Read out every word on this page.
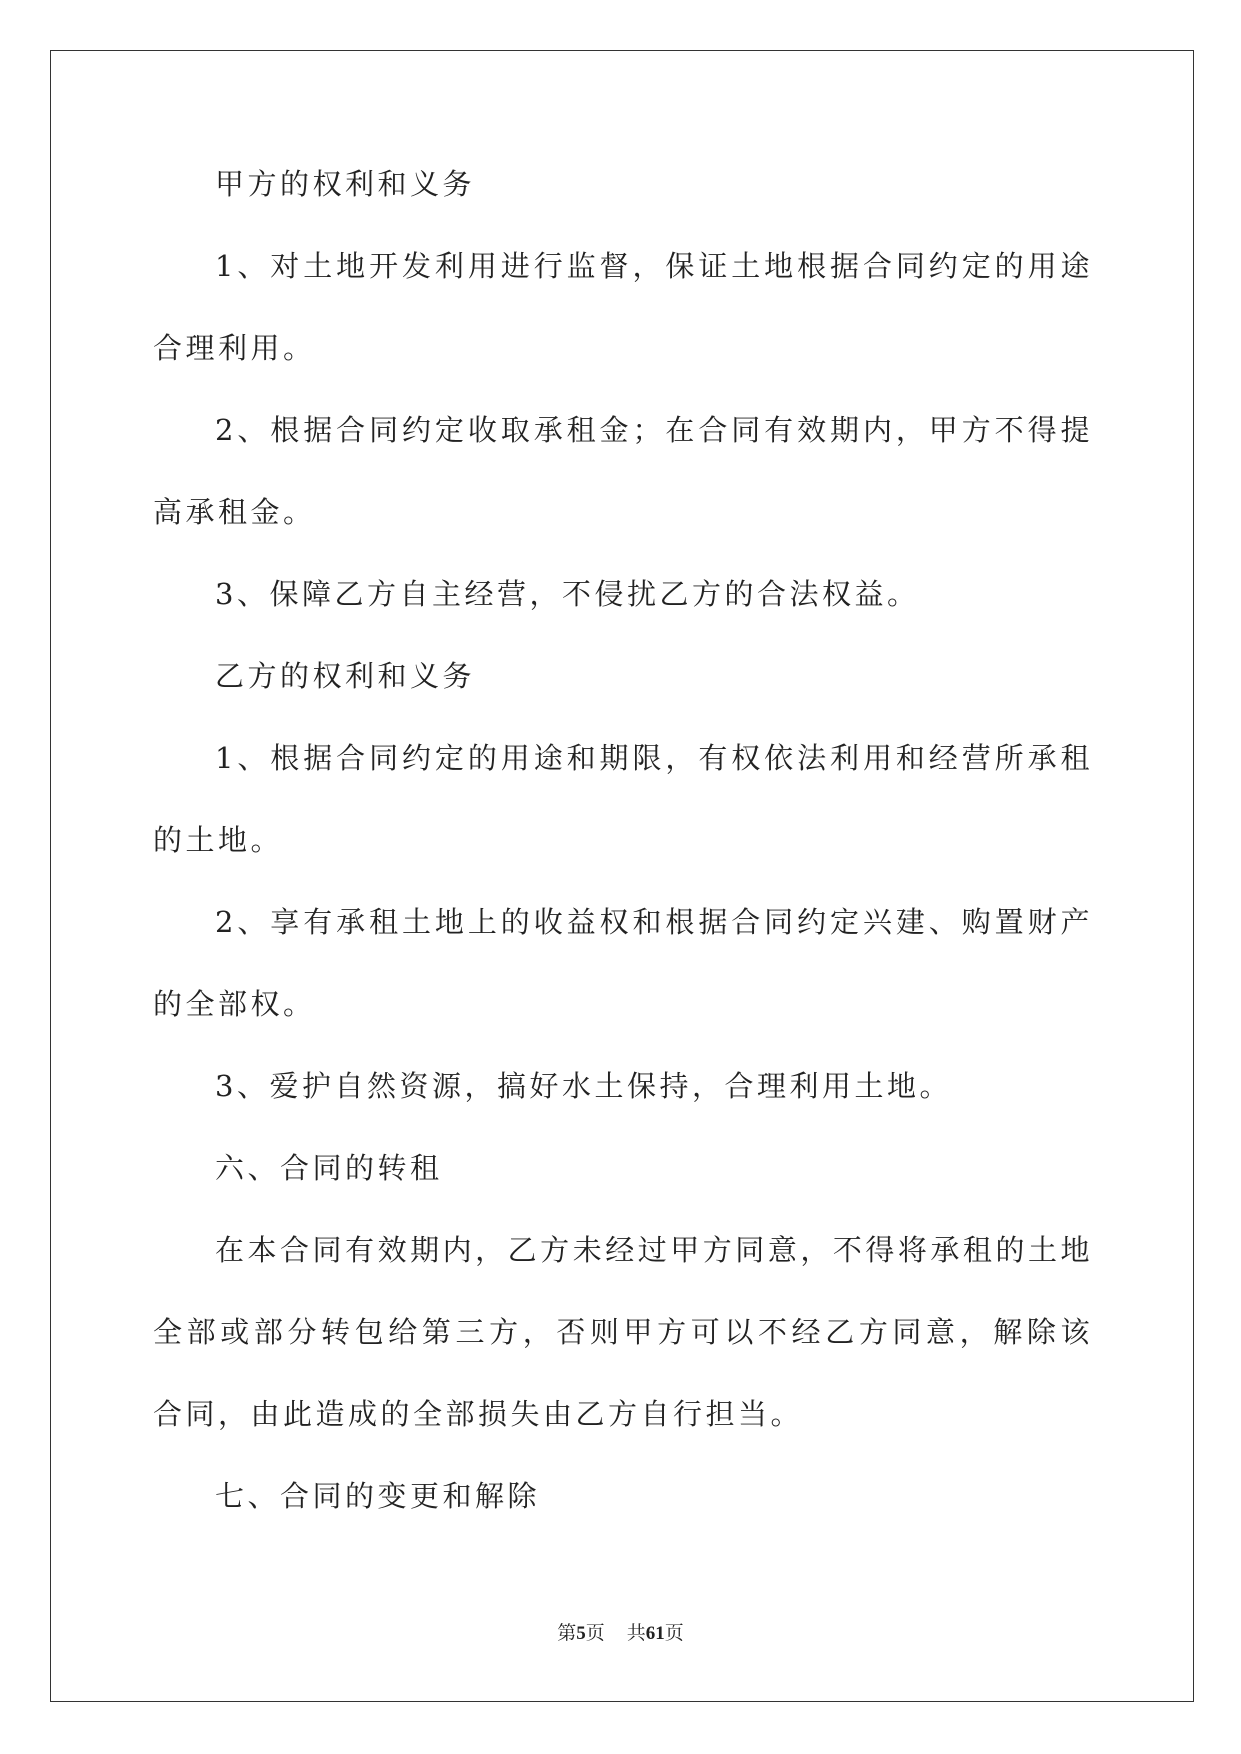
甲方的权利和义务

1、对土地开发利用进行监督，保证土地根据合同约定的用途合理利用。

2、根据合同约定收取承租金；在合同有效期内，甲方不得提高承租金。

3、保障乙方自主经营，不侵扰乙方的合法权益。

乙方的权利和义务

1、根据合同约定的用途和期限，有权依法利用和经营所承租的土地。

2、享有承租土地上的收益权和根据合同约定兴建、购置财产的全部权。

3、爱护自然资源，搞好水土保持，合理利用土地。

六、合同的转租

在本合同有效期内，乙方未经过甲方同意，不得将承租的土地全部或部分转包给第三方，否则甲方可以不经乙方同意，解除该合同，由此造成的全部损失由乙方自行担当。

七、合同的变更和解除

第5页 共61页
